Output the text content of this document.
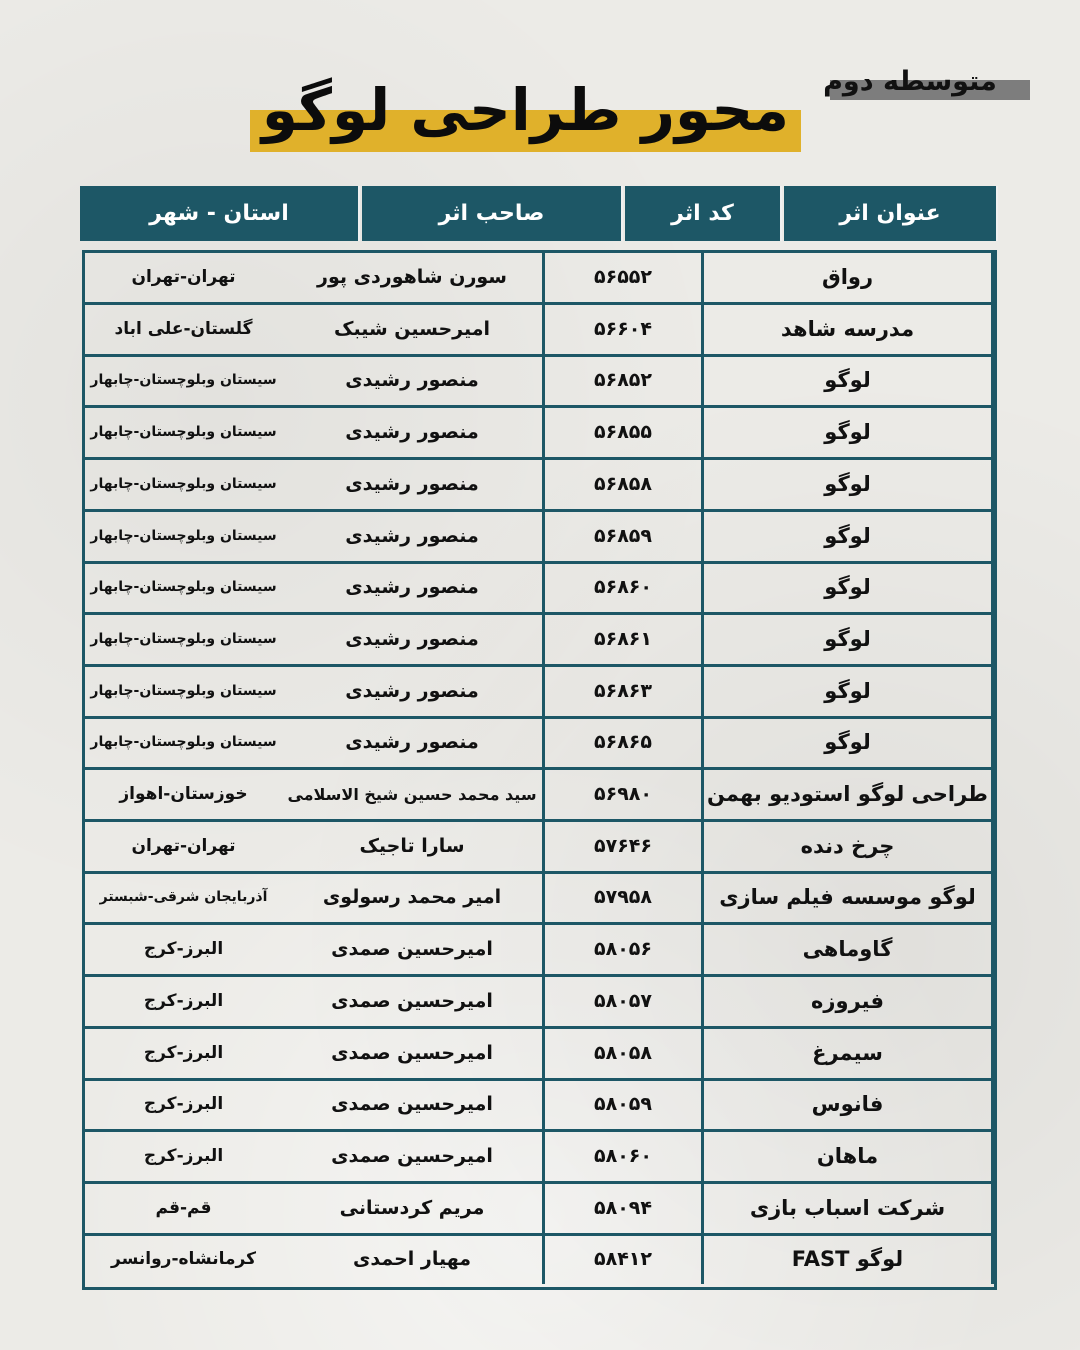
متوسطه دوم
محور طراحی لوگو
عنوان اثر
کد اثر
صاحب اثر
استان - شهر
رواق
۵۶۵۵۲
سورن شاهوردی پور
تهران-تهران
مدرسه شاهد
۵۶۶۰۴
امیرحسین شیبک
گلستان-علی اباد
لوگو
۵۶۸۵۲
منصور رشیدی
سیستان وبلوچستان-چابهار
لوگو
۵۶۸۵۵
منصور رشیدی
سیستان وبلوچستان-چابهار
لوگو
۵۶۸۵۸
منصور رشیدی
سیستان وبلوچستان-چابهار
لوگو
۵۶۸۵۹
منصور رشیدی
سیستان وبلوچستان-چابهار
لوگو
۵۶۸۶۰
منصور رشیدی
سیستان وبلوچستان-چابهار
لوگو
۵۶۸۶۱
منصور رشیدی
سیستان وبلوچستان-چابهار
لوگو
۵۶۸۶۳
منصور رشیدی
سیستان وبلوچستان-چابهار
لوگو
۵۶۸۶۵
منصور رشیدی
سیستان وبلوچستان-چابهار
طراحی لوگو استودیو بهمن
۵۶۹۸۰
سید محمد حسین شیخ الاسلامی
خوزستان-اهواز
چرخ دنده
۵۷۶۴۶
سارا تاجیک
تهران-تهران
لوگو موسسه فیلم سازی
۵۷۹۵۸
امیر محمد رسولوی
آذربایجان شرقی-شبستر
گاوماهی
۵۸۰۵۶
امیرحسین صمدی
البرز-کرج
فیروزه
۵۸۰۵۷
امیرحسین صمدی
البرز-کرج
سیمرغ
۵۸۰۵۸
امیرحسین صمدی
البرز-کرج
فانوس
۵۸۰۵۹
امیرحسین صمدی
البرز-کرج
ماهان
۵۸۰۶۰
امیرحسین صمدی
البرز-کرج
شرکت اسباب بازی
۵۸۰۹۴
مریم کردستانی
قم-قم
لوگو FAST
۵۸۴۱۲
مهیار احمدی
کرمانشاه-روانسر
